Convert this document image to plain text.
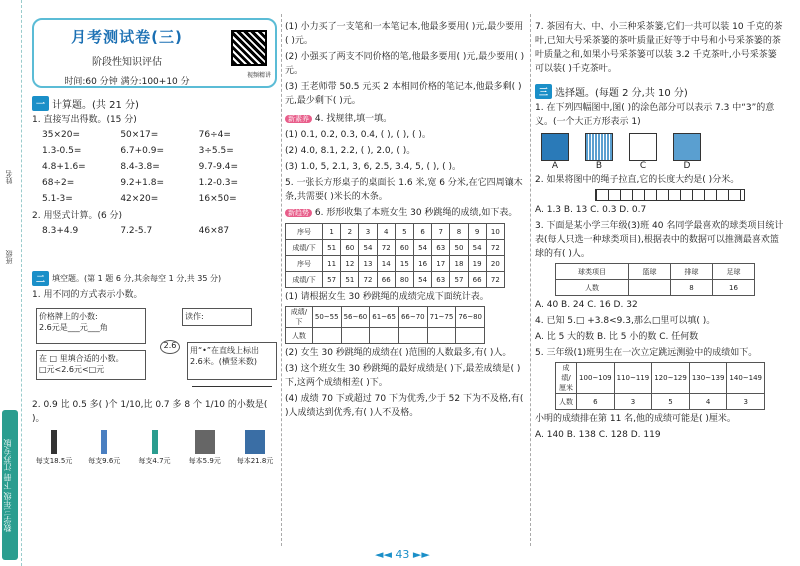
数学三年级 下册 江苏专版
姓名
班级
月考测试卷(三)
阶段性知识评估
时间:60 分钟 满分:100+10 分
视频精讲
一 计算题。(共 21 分)
1. 直接写出得数。(15 分)
35×20=	50×17=	76÷4=
1.3-0.5=	6.7+0.9=	3÷5.5=
4.8+1.6=	8.4-3.8=	9.7-9.4=
68÷2=	9.2+1.8=	1.2-0.3=
5.1-3=	42×20=	16×50=
2. 用竖式计算。(6 分)
8.3+4.9	7.2-5.7	46×87
二 填空题。(第 1 题 6 分,其余每空 1 分,共 35 分)
1. 用不同的方式表示小数。
价格牌上的小数:
2.6元是___元___角
读作:
2.6
在 □ 里填合适的小数。
□元<2.6元<□元
用“•”在直线上标出
2.6米。(横竖米数)
2. 0.9 比 0.5 多( )个 1/10,比 0.7 多 8 个 1/10 的小数是( )。
每支18.5元	每支9.6元	每支4.7元	每本5.9元	每本21.8元
(1) 小力买了一支笔和一本笔记本,他最多要用( )元,最少要用( )元。
(2) 小强买了两支不同价格的笔,他最多要用( )元,最少要用( )元。
(3) 王老师带 50.5 元买 2 本相同价格的笔记本,他最多剩( )元,最少剩下( )元。
新素养 4. 找规律,填一填。
(1) 0.1, 0.2, 0.3, 0.4, ( ), ( ), ( )。
(2) 4.0, 8.1, 2.2, ( ), 2.0, ( )。
(3) 1.0, 5, 2.1, 3, 6, 2.5, 3.4, 5, ( ), ( )。
5. 一张长方形桌子的桌面长 1.6 米,宽 6 分米,在它四周镶木条,共需要( )米长的木条。
新趋势 6. 形形收集了本班女生 30 秒跳绳的成绩,如下表。
序号	1	2	3	4	5	6	7	8	9	10
成绩/下	51	60	54	72	60	54	63	50	54	72
序号	11	12	13	14	15	16	17	18	19	20
成绩/下	57	51	72	66	80	54	63	57	66	72
(1) 请根据女生 30 秒跳绳的成绩完成下面统计表。
成绩/下	50~55	56~60	61~65	66~70	71~75	76~80
人数						
(2) 女生 30 秒跳绳的成绩在( )范围的人数最多,有( )人。
(3) 这个班女生 30 秒跳绳的最好成绩是( )下,最差成绩是( )下,这两个成绩相差( )下。
(4) 成绩 70 下或超过 70 下为优秀,少于 52 下为不及格,有( )人成绩达到优秀,有( )人不及格。
7. 茶园有大、中、小三种采茶篓,它们一共可以装 10 千克的茶叶,已知大号采茶篓的茶叶质量正好等于中号和小号采茶篓的茶叶质量之和,如果小号采茶篓可以装 3.2 千克茶叶,小号采茶篓可以装( )千克茶叶。
三 选择题。(每题 2 分,共 10 分)
1. 在下列四幅图中,图( )的涂色部分可以表示 7.3 中“3”的意义。(一个大正方形表示 1)
A	B	C	D
2. 如果将图中的绳子拉直,它的长度大约是( )分米。
A. 1.3 B. 13 C. 0.3 D. 0.7
3. 下面是某小学三年级(3)班 40 名同学最喜欢的球类项目统计表(每人只选一种球类项目),根据表中的数据可以推测最喜欢篮球的有( )人。
球类项目	篮球	排球	足球
人数		8	16
A. 40 B. 24 C. 16 D. 32
4. 已知 5.□ +3.8<9.3,那么□里可以填( )。
A. 比 5 大的数 B. 比 5 小的数 C. 任何数
5. 三年级(1)班男生在一次立定跳远测验中的成绩如下。
成绩/厘米	100~109	110~119	120~129	130~139	140~149
人数	6	3	5	4	3
小明的成绩排在第 11 名,他的成绩可能是( )厘米。
A. 140 B. 138 C. 128 D. 119
◄◄ 43 ►►
